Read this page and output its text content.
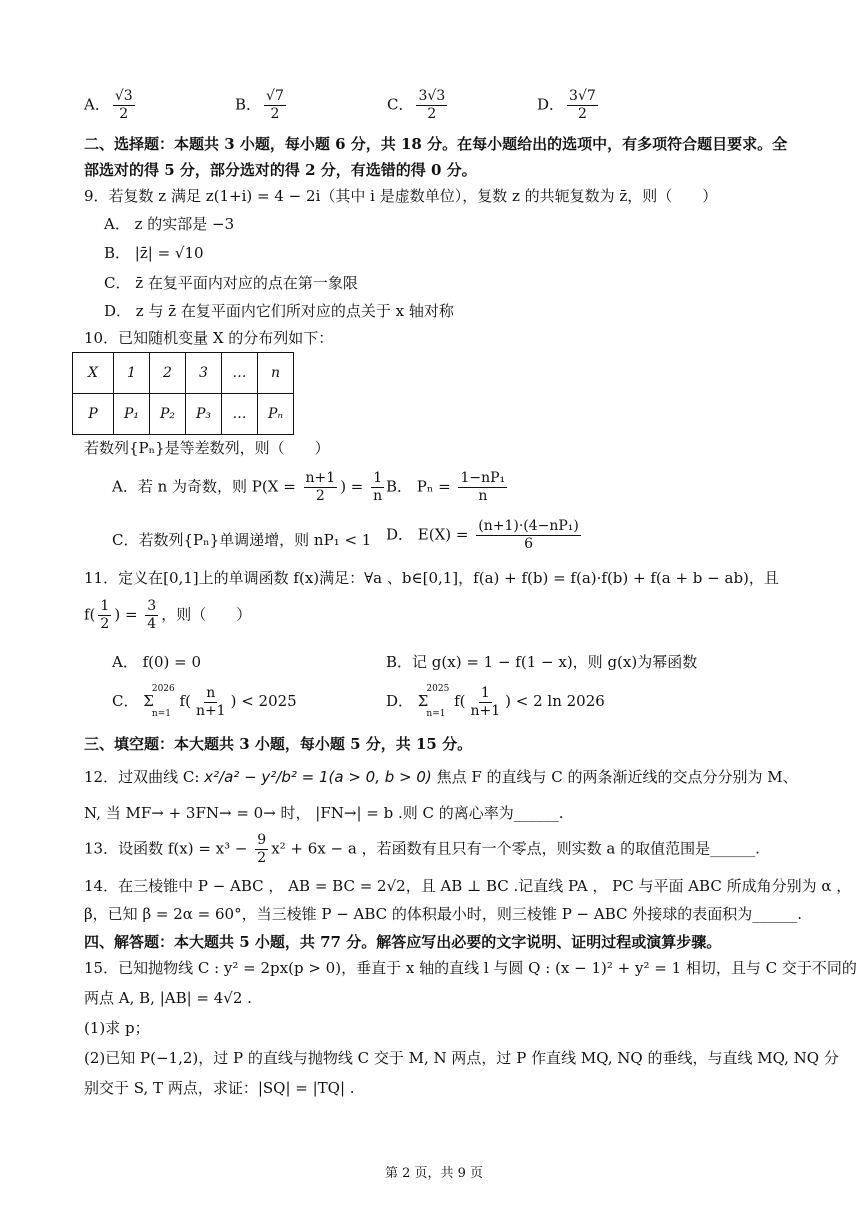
A． $\frac{√3}{2}$	B． $\frac{√7}{2}$	C． $\frac{3√3}{2}$	D． $\frac{3√7}{2}$
二、选择题：本题共 3 小题，每小题 6 分，共 18 分。在每小题给出的选项中，有多项符合题目要求。全
部选对的得 5 分，部分选对的得 2 分，有选错的得 0 分。
9．若复数 z 满足 z(1+i) = 4 − 2i（其中 i 是虚数单位），复数 z 的共轭复数为 z̄，则（　　）
A． z 的实部是 −3
B． |z̄| = √10
C． z̄ 在复平面内对应的点在第一象限
D． z 与 z̄ 在复平面内它们所对应的点关于 x 轴对称
10．已知随机变量 X 的分布列如下：
X	1	2	3	…	n
P	P₁	P₂	P₃	…	Pₙ
若数列{Pₙ}是等差数列，则（　　）
A．若 n 为奇数，则 $P(X = \frac{n+1}{2}$ ) = $\frac{1}{n}$ B． $P_n = \frac{\text{1−nP₁}}{n}$
C．若数列{Pₙ}单调递增，则 nP₁ < 1 D． $E(X) = \frac{\text{(n+1)·(4−nP₁)}}{6}$
11．定义在[0,1]上的单调函数 f(x)满足：∀a 、b∈[0,1]，f(a) + f(b) = f(a)·f(b) + f(a + b − ab)，且
$f( \frac{1}{2}$ ) = $\frac{3}{4}$ ，则（　　）
A． f(0) = 0	B．记 g(x) = 1 − f(1 − x)，则 g(x)为幂函数
C． Σ
2026
n=1
$f( \frac{n}{n+1}$ ) < 2025	D． Σ
2025
n=1
$f( \frac{1}{n+1}$ ) < 2 ln 2026
三、填空题：本大题共 3 小题，每小题 5 分，共 15 分。
12．过双曲线 C: x²/a² − y²/b² = 1(a > 0, b > 0) 焦点 F 的直线与 C 的两条渐近线的交点分分别为 M、
N, 当 MF→ + 3FN→ = 0→ 时， |FN→| = b .则 C 的离心率为______.
13．设函数 $f(x) = x^3 - \frac{9}{2} x^2 + 6x - a$ ，若函数有且只有一个零点，则实数 a 的取值范围是______.
14．在三棱锥中 P − ABC ， AB = BC = 2√2，且 AB ⊥ BC .记直线 PA ， PC 与平面 ABC 所成角分别为 α ，
β，已知 β = 2α = 60°，当三棱锥 P − ABC 的体积最小时，则三棱锥 P − ABC 外接球的表面积为______.
四、解答题：本大题共 5 小题，共 77 分。解答应写出必要的文字说明、证明过程或演算步骤。
15．已知抛物线 C : y² = 2px(p > 0)，垂直于 x 轴的直线 l 与圆 Q : (x − 1)² + y² = 1 相切，且与 C 交于不同的
两点 A, B, |AB| = 4√2 .
(1)求 p；
(2)已知 P(−1,2)，过 P 的直线与抛物线 C 交于 M, N 两点，过 P 作直线 MQ, NQ 的垂线，与直线 MQ, NQ 分
别交于 S, T 两点，求证：|SQ| = |TQ| .
第 2 页，共 9 页
